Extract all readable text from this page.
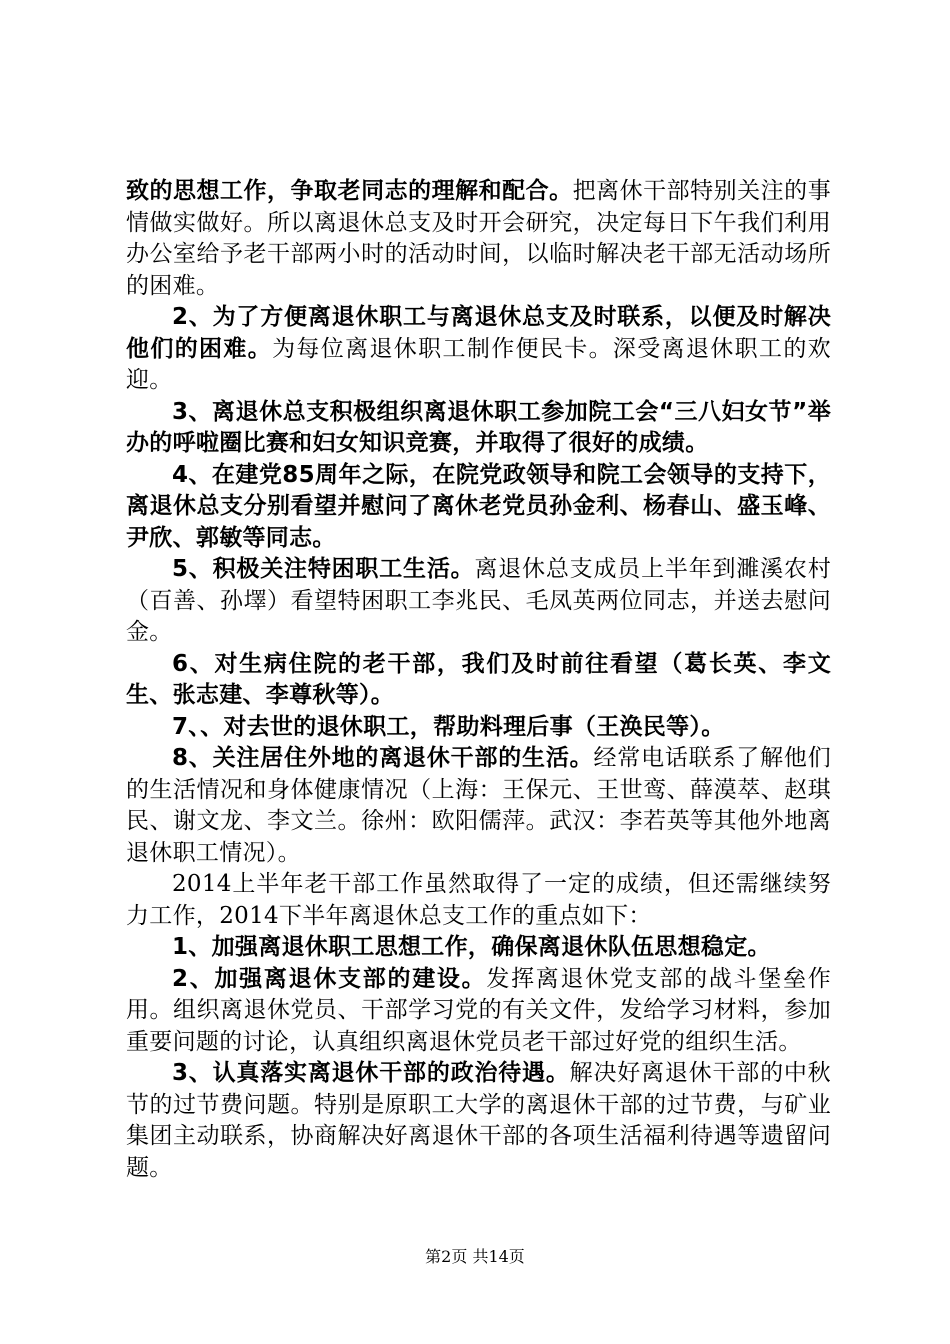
致的思想工作，争取老同志的理解和配合。把离休干部特别关注的事情做实做好。所以离退休总支及时开会研究，决定每日下午我们利用办公室给予老干部两小时的活动时间，以临时解决老干部无活动场所的困难。

2、为了方便离退休职工与离退休总支及时联系，以便及时解决他们的困难。为每位离退休职工制作便民卡。深受离退休职工的欢迎。

3、离退休总支积极组织离退休职工参加院工会“三八妇女节”举办的呼啦圈比赛和妇女知识竞赛，并取得了很好的成绩。

4、在建党85周年之际，在院党政领导和院工会领导的支持下，离退休总支分别看望并慰问了离休老党员孙金利、杨春山、盛玉峰、尹欣、郭敏等同志。

5、积极关注特困职工生活。离退休总支成员上半年到濉溪农村（百善、孙墿）看望特困职工李兆民、毛凤英两位同志，并送去慰问金。

6、对生病住院的老干部，我们及时前往看望（葛长英、李文生、张志建、李尊秋等）。

7、、对去世的退休职工，帮助料理后事（王涣民等）。

8、关注居住外地的离退休干部的生活。经常电话联系了解他们的生活情况和身体健康情况（上海：王保元、王世鸾、薛漠萃、赵琪民、谢文龙、李文兰。徐州：欧阳儒萍。武汉：李若英等其他外地离退休职工情况）。

2014上半年老干部工作虽然取得了一定的成绩，但还需继续努力工作，2014下半年离退休总支工作的重点如下：

1、加强离退休职工思想工作，确保离退休队伍思想稳定。

2、加强离退休支部的建设。发挥离退休党支部的战斗堡垒作用。组织离退休党员、干部学习党的有关文件，发给学习材料，参加重要问题的讨论，认真组织离退休党员老干部过好党的组织生活。

3、认真落实离退休干部的政治待遇。解决好离退休干部的中秋节的过节费问题。特别是原职工大学的离退休干部的过节费，与矿业集团主动联系，协商解决好离退休干部的各项生活福利待遇等遗留问题。

第2页 共14页
